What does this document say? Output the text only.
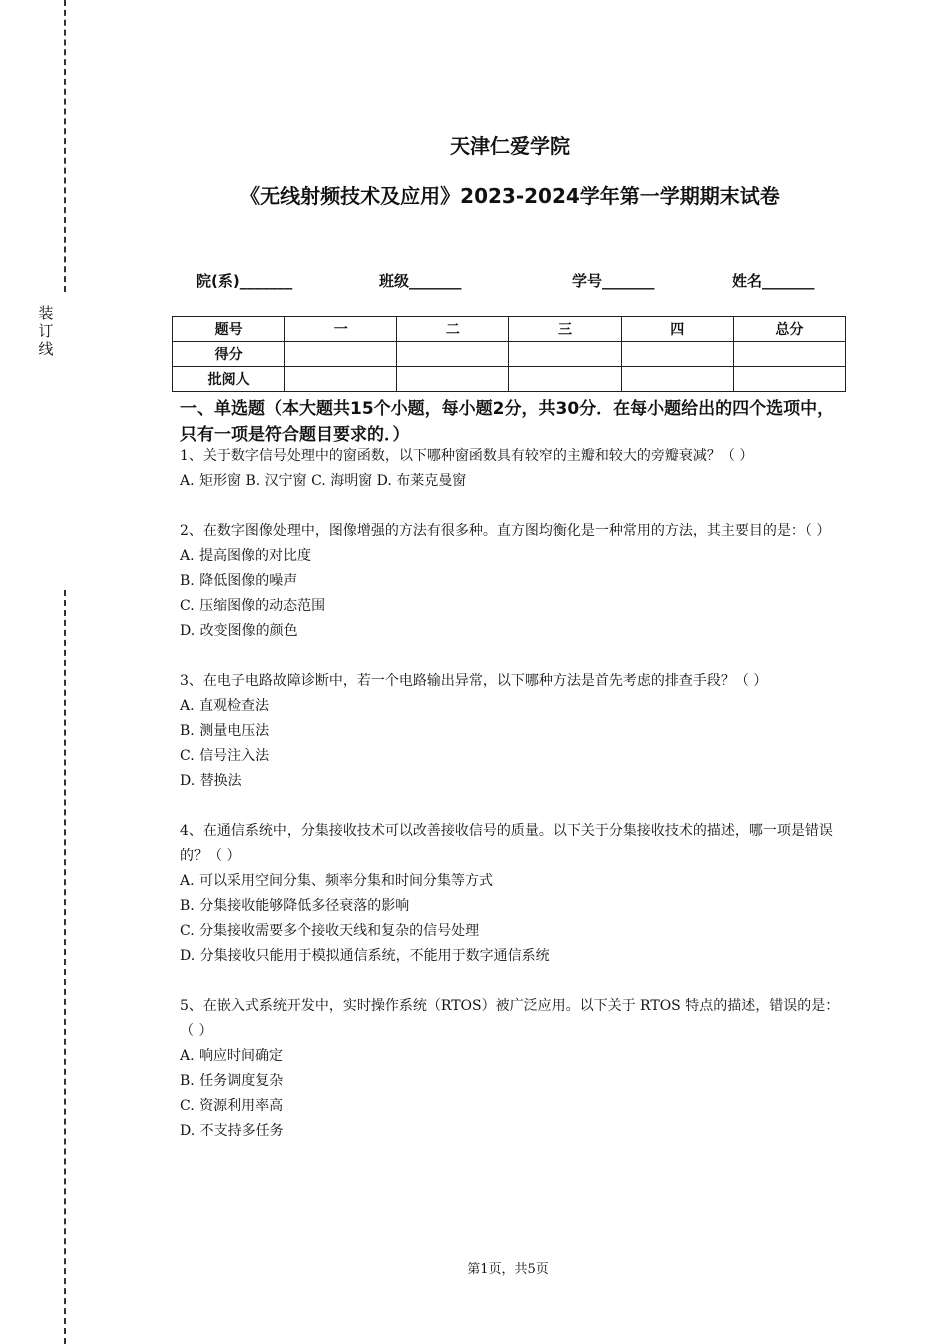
装
订
线
天津仁爱学院
《无线射频技术及应用》2023-2024学年第一学期期末试卷
院(系)_______	班级_______	学号_______	姓名_______
题号	一	二	三	四	总分
得分					
批阅人					
一、单选题（本大题共15个小题，每小题2分，共30分．在每小题给出的四个选项中，只有一项是符合题目要求的．）

1、关于数字信号处理中的窗函数，以下哪种窗函数具有较窄的主瓣和较大的旁瓣衰减？（ ）

A. 矩形窗 B. 汉宁窗 C. 海明窗 D. 布莱克曼窗

2、在数字图像处理中，图像增强的方法有很多种。直方图均衡化是一种常用的方法，其主要目的是：（ ）

A. 提高图像的对比度
B. 降低图像的噪声
C. 压缩图像的动态范围
D. 改变图像的颜色

3、在电子电路故障诊断中，若一个电路输出异常，以下哪种方法是首先考虑的排查手段？（ ）

A. 直观检查法
B. 测量电压法
C. 信号注入法
D. 替换法

4、在通信系统中，分集接收技术可以改善接收信号的质量。以下关于分集接收技术的描述，哪一项是错误的？（ ）

A. 可以采用空间分集、频率分集和时间分集等方式
B. 分集接收能够降低多径衰落的影响
C. 分集接收需要多个接收天线和复杂的信号处理
D. 分集接收只能用于模拟通信系统，不能用于数字通信系统

5、在嵌入式系统开发中，实时操作系统（RTOS）被广泛应用。以下关于 RTOS 特点的描述，错误的是：（ ）

A. 响应时间确定
B. 任务调度复杂
C. 资源利用率高
D. 不支持多任务
第1页，共5页
